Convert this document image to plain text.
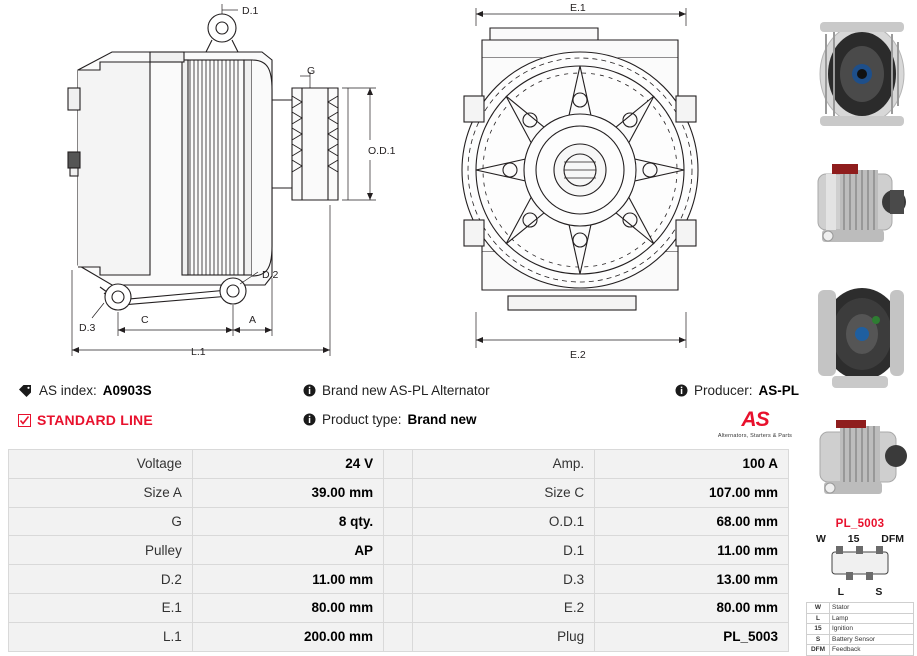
D.1
G
O.D.1
D.2
D.3
C	A
L.1
E.1
E.2
AS index: A0903S
STANDARD LINE
Brand new AS-PL Alternator
Product type: Brand new
Producer: AS-PL
AS
Alternators, Starters & Parts
Voltage	24 V		Amp.	100 A
Size A	39.00 mm		Size C	107.00 mm
G	8 qty.		O.D.1	68.00 mm
Pulley	AP		D.1	11.00 mm
D.2	11.00 mm		D.3	13.00 mm
E.1	80.00 mm		E.2	80.00 mm
L.1	200.00 mm		Plug	PL_5003
PL_5003
W 15 DFM
L	S
W	Stator
L	Lamp
15	Ignition
S	Battery Sensor
DFM	Feedback
